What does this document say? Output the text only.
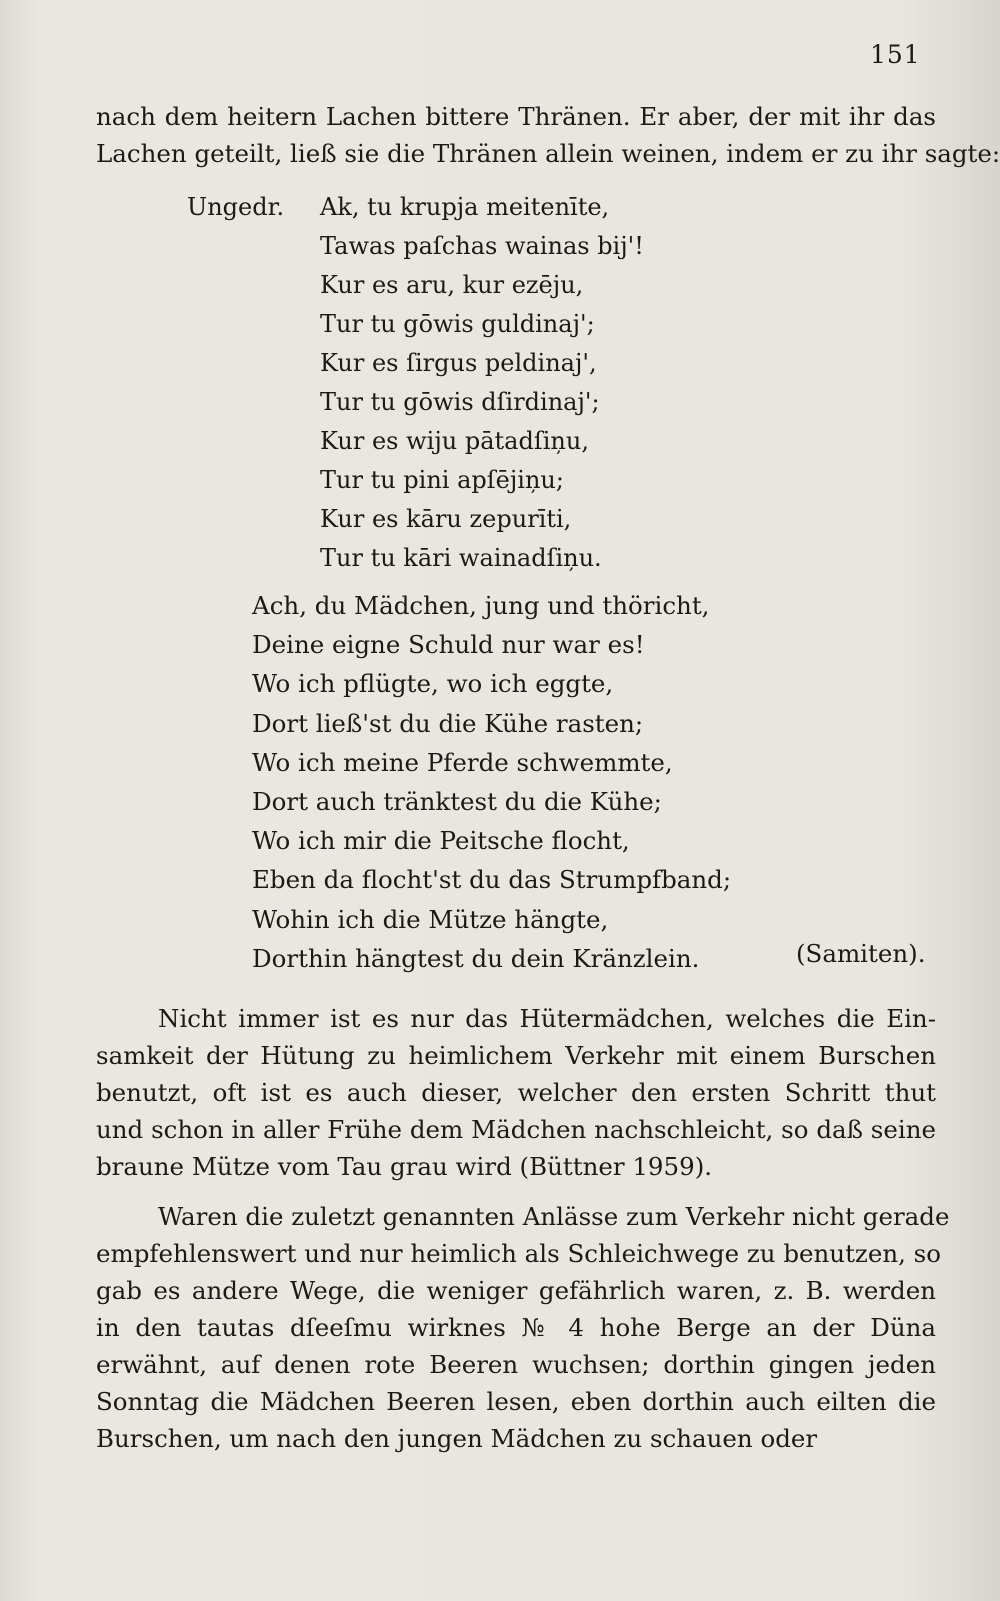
151
nach dem heitern Lachen bittere Thränen. Er aber, der mit ihr das
Lachen geteilt, ließ sie die Thränen allein weinen, indem er zu ihr sagte:
Ungedr. Ak, tu krupja meitenīte,
Tawas paſchas wainas bij'!
Kur es aru, kur ezēju,
Tur tu gōwis guldinaj';
Kur es ſirgus peldinaj',
Tur tu gōwis dſirdinaj';
Kur es wiju pātadſiņu,
Tur tu pini apſējiņu;
Kur es kāru zepurīti,
Tur tu kāri wainadſiņu.
Ach, du Mädchen, jung und thöricht,
Deine eigne Schuld nur war es!
Wo ich pflügte, wo ich eggte,
Dort ließ'st du die Kühe rasten;
Wo ich meine Pferde schwemmte,
Dort auch tränktest du die Kühe;
Wo ich mir die Peitsche flocht,
Eben da flocht'st du das Strumpfband;
Wohin ich die Mütze hängte,
Dorthin hängtest du dein Kränzlein.	(Samiten).
Nicht immer ist es nur das Hütermädchen, welches die Ein-
samkeit der Hütung zu heimlichem Verkehr mit einem Burschen
benutzt, oft ist es auch dieser, welcher den ersten Schritt thut
und schon in aller Frühe dem Mädchen nachschleicht, so daß seine
braune Mütze vom Tau grau wird (Büttner 1959).
Waren die zuletzt genannten Anlässe zum Verkehr nicht gerade
empfehlenswert und nur heimlich als Schleichwege zu benutzen, so
gab es andere Wege, die weniger gefährlich waren, z. B. werden
in den tautas dſeeſmu wirknes № 4 hohe Berge an der Düna
erwähnt, auf denen rote Beeren wuchsen; dorthin gingen jeden
Sonntag die Mädchen Beeren lesen, eben dorthin auch eilten die
Burschen, um nach den jungen Mädchen zu schauen oder
